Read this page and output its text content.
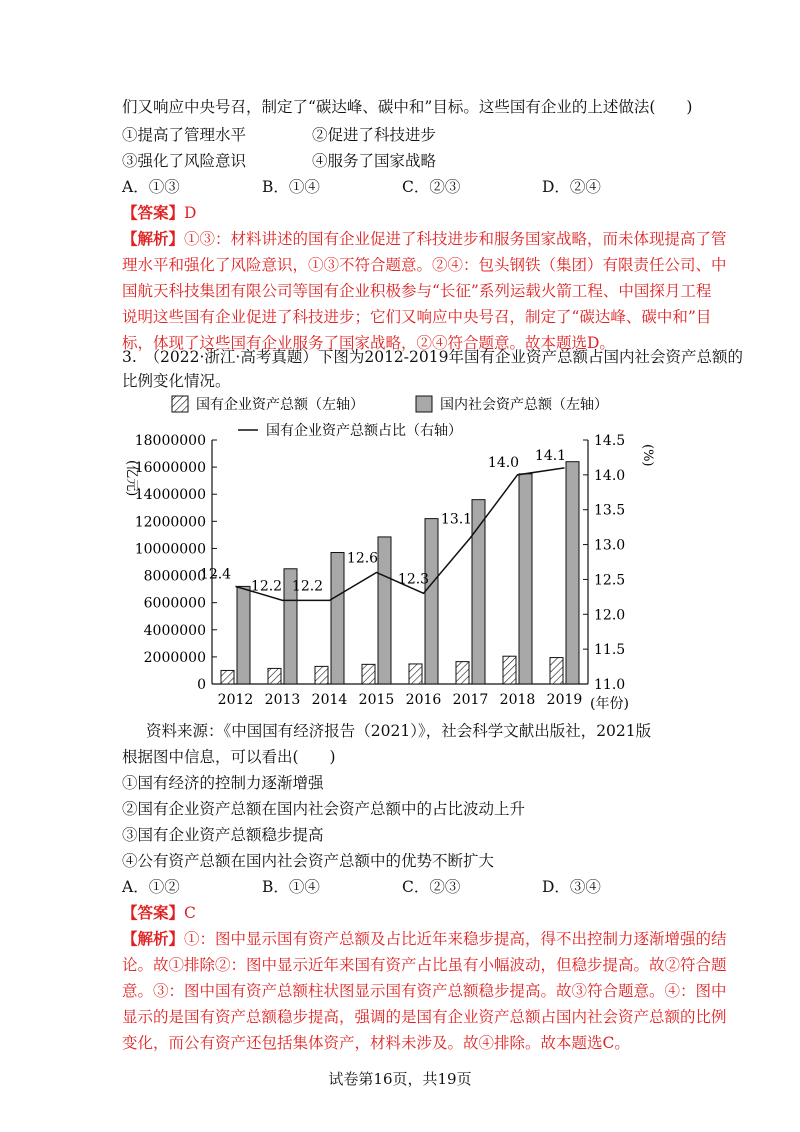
们又响应中央号召，制定了“碳达峰、碳中和”目标。这些国有企业的上述做法(　　)
①提高了管理水平	②促进了科技进步
③强化了风险意识	④服务了国家战略
A．①③	B．①④	C．②③	D．②④
【答案】D
【解析】①③：材料讲述的国有企业促进了科技进步和服务国家战略，而未体现提高了管
理水平和强化了风险意识，①③不符合题意。②④：包头钢铁（集团）有限责任公司、中
国航天科技集团有限公司等国有企业积极参与“长征”系列运载火箭工程、中国探月工程
说明这些国有企业促进了科技进步；它们又响应中央号召，制定了“碳达峰、碳中和”目
标，体现了这些国有企业服务了国家战略，②④符合题意。故本题选D。
3.　（2022·浙江·高考真题）下图为2012-2019年国有企业资产总额占国内社会资产总额的
比例变化情况。
国有企业资产总额（左轴）	国内社会资产总额（左轴）
国有企业资产总额占比（右轴）
(亿元)
(%)
(年份)
0
2000000
4000000
6000000
8000000
10000000
12000000
14000000
16000000
18000000
11.0
11.5
12.0
12.5
13.0
13.5
14.0
14.5
2012 2013 2014 2015 2016 2017 2018 2019
12.4
12.2 12.2
12.6
12.3
13.1
14.0 14.1
资料来源：《中国国有经济报告（2021）》，社会科学文献出版社，2021版
根据图中信息，可以看出(　　)
①国有经济的控制力逐渐增强
②国有企业资产总额在国内社会资产总额中的占比波动上升
③国有企业资产总额稳步提高
④公有资产总额在国内社会资产总额中的优势不断扩大
A．①②	B．①④	C．②③	D．③④
【答案】C
【解析】①：图中显示国有资产总额及占比近年来稳步提高，得不出控制力逐渐增强的结
论。故①排除②：图中显示近年来国有资产占比虽有小幅波动，但稳步提高。故②符合题
意。③：图中国有资产总额柱状图显示国有资产总额稳步提高。故③符合题意。④：图中
显示的是国有资产总额稳步提高，强调的是国有企业资产总额占国内社会资产总额的比例
变化，而公有资产还包括集体资产，材料未涉及。故④排除。故本题选C。
试卷第16页，共19页
